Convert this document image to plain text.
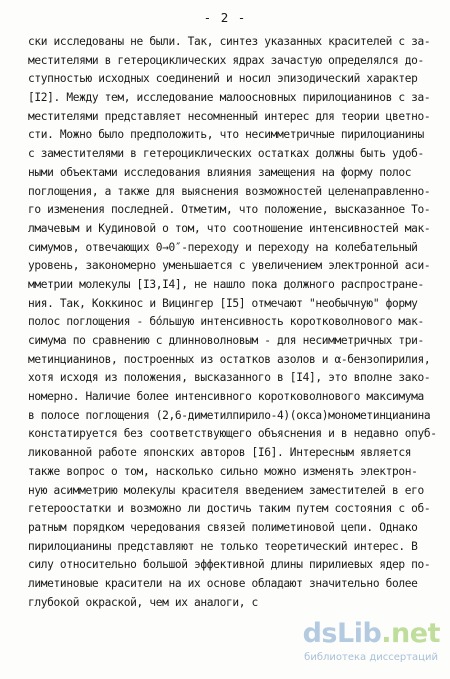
- 2 -
ски исследованы не были. Так, синтез указанных красителей с за-
местителями в гетероциклических ядрах зачастую определялся до-
ступностью исходных соединений и носил эпизодический характер
[I2]. Между тем, исследование малоосновных пирилоцианинов с за-
местителями представляет несомненный интерес для теории цветно-
сти. Можно было предположить, что несимметричные пирилоцианины
с заместителями в гетероциклических остатках должны быть удоб-
ными объектами исследования влияния замещения на форму полос
поглощения, а также для выяснения возможностей целенаправленно-
го изменения последней. Отметим, что положение, высказанное То-
лмачевым и Кудиновой о том, что соотношение интенсивностей мак-
симумов, отвечающих 0→0″-переходу и переходу на колебательный
уровень, закономерно уменьшается с увеличением электронной аси-
мметрии молекулы [I3,I4], не нашло пока должного распростране-
ния. Так, Коккинос и Вицингер [I5] отмечают "необычную" форму
полос поглощения - бо́льшую интенсивность коротковолнового мак-
симума по сравнению с длинноволновым - для несимметричных три-
метинцианинов, построенных из остатков азолов и α-бензопирилия,
хотя исходя из положения, высказанного в [I4], это вполне зако-
номерно. Наличие более интенсивного коротковолнового максимума
в полосе поглощения (2,6-диметилпирило-4)(окса)монометинцианина
констатируется без соответствующего объяснения и в недавно опуб-
ликованной работе японских авторов [I6]. Интересным является
также вопрос о том, насколько сильно можно изменять электрон-
ную асимметрию молекулы красителя введением заместителей в его
гетероостатки и возможно ли достичь таким путем состояния с об-
ратным порядком чередования связей полиметиновой цепи. Однако
пирилоцианины представляют не только теоретический интерес. В
силу относительно большой эффективной длины пирилиевых ядер по-
лиметиновые красители на их основе обладают значительно более
глубокой окраской, чем их аналоги, с
dsLib.net
библиотека диссертаций
